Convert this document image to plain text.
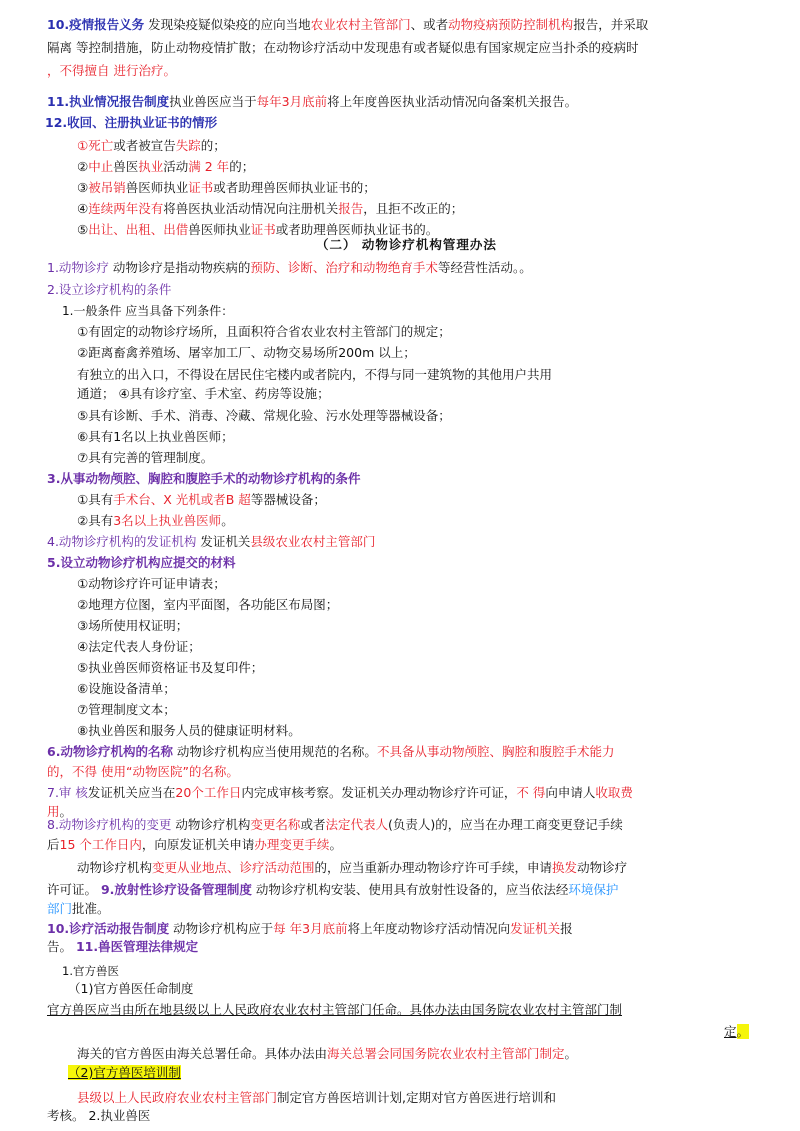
10.疫情报告义务 发现染疫疑似染疫的应向当地农业农村主管部门、或者动物疫病预防控制机构报告，并采取
隔离 等控制措施，防止动物疫情扩散；在动物诊疗活动中发现患有或者疑似患有国家规定应当扑杀的疫病时
，不得擅自 进行治疗。
11.执业情况报告制度执业兽医应当于每年3月底前将上年度兽医执业活动情况向备案机关报告。
12.收回、注册执业证书的情形
①死亡或者被宣告失踪的；
②中止兽医执业活动满 2 年的；
③被吊销兽医师执业证书或者助理兽医师执业证书的；
④连续两年没有将兽医执业活动情况向注册机关报告，且拒不改正的；
⑤出让、出租、出借兽医师执业证书或者助理兽医师执业证书的。
（二） 动物诊疗机构管理办法
1.动物诊疗 动物诊疗是指动物疾病的预防、诊断、治疗和动物绝育手术等经营性活动。。
2.设立诊疗机构的条件
1.一般条件 应当具备下列条件：
①有固定的动物诊疗场所，且面积符合省农业农村主管部门的规定；
②距离畜禽养殖场、屠宰加工厂、动物交易场所200m 以上；
有独立的出入口，不得设在居民住宅楼内或者院内，不得与同一建筑物的其他用户共用
通道； ④具有诊疗室、手术室、药房等设施；
⑤具有诊断、手术、消毒、冷藏、常规化验、污水处理等器械设备；
⑥具有1名以上执业兽医师；
⑦具有完善的管理制度。
3.从事动物颅腔、胸腔和腹腔手术的动物诊疗机构的条件
①具有手术台、X 光机或者B 超等器械设备；
②具有3名以上执业兽医师。
4.动物诊疗机构的发证机构 发证机关县级农业农村主管部门
5.设立动物诊疗机构应提交的材料
①动物诊疗许可证申请表；
②地理方位图，室内平面图，各功能区布局图；
③场所使用权证明；
④法定代表人身份证；
⑤执业兽医师资格证书及复印件；
⑥设施设备清单；
⑦管理制度文本；
⑧执业兽医和服务人员的健康证明材料。
6.动物诊疗机构的名称 动物诊疗机构应当使用规范的名称。不具备从事动物颅腔、胸腔和腹腔手术能力
的，不得 使用“动物医院”的名称。
7.审 核发证机关应当在20个工作日内完成审核考察。发证机关办理动物诊疗许可证，不 得向申请人收取费
用。
8.动物诊疗机构的变更 动物诊疗机构变更名称或者法定代表人(负责人)的，应当在办理工商变更登记手续
后15 个工作日内，向原发证机关申请办理变更手续。
动物诊疗机构变更从业地点、诊疗活动范围的，应当重新办理动物诊疗许可手续，申请换发动物诊疗
许可证。 9.放射性诊疗设备管理制度 动物诊疗机构安装、使用具有放射性设备的，应当依法经环境保护
部门批准。
10.诊疗活动报告制度 动物诊疗机构应于每 年3月底前将上年度动物诊疗活动情况向发证机关报
告。 11.兽医管理法律规定
1.官方兽医
（1)官方兽医任命制度
官方兽医应当由所在地县级以上人民政府农业农村主管部门任命。具体办法由国务院农业农村主管部门制
定。
海关的官方兽医由海关总署任命。具体办法由海关总署会同国务院农业农村主管部门制定。
（2)官方兽医培训制
县级以上人民政府农业农村主管部门制定官方兽医培训计划,定期对官方兽医进行培训和
考核。 2.执业兽医
